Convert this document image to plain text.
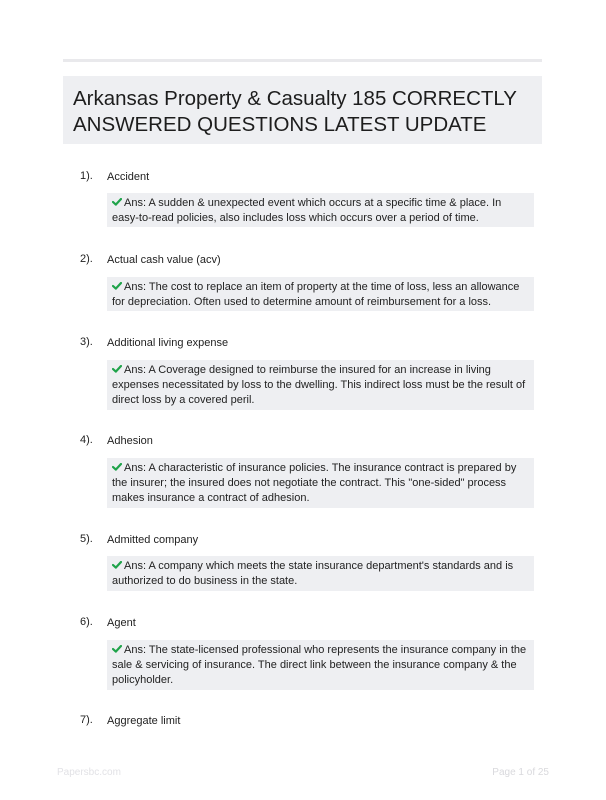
Arkansas Property & Casualty 185 CORRECTLY ANSWERED QUESTIONS LATEST UPDATE
1). Accident
Ans: A sudden & unexpected event which occurs at a specific time & place. In easy-to-read policies, also includes loss which occurs over a period of time.
2). Actual cash value (acv)
Ans: The cost to replace an item of property at the time of loss, less an allowance for depreciation. Often used to determine amount of reimbursement for a loss.
3). Additional living expense
Ans: A Coverage designed to reimburse the insured for an increase in living expenses necessitated by loss to the dwelling. This indirect loss must be the result of direct loss by a covered peril.
4). Adhesion
Ans: A characteristic of insurance policies. The insurance contract is prepared by the insurer; the insured does not negotiate the contract. This "one-sided" process makes insurance a contract of adhesion.
5). Admitted company
Ans: A company which meets the state insurance department's standards and is authorized to do business in the state.
6). Agent
Ans: The state-licensed professional who represents the insurance company in the sale & servicing of insurance. The direct link between the insurance company & the policyholder.
7). Aggregate limit
Papersbc.com	Page 1 of 25
